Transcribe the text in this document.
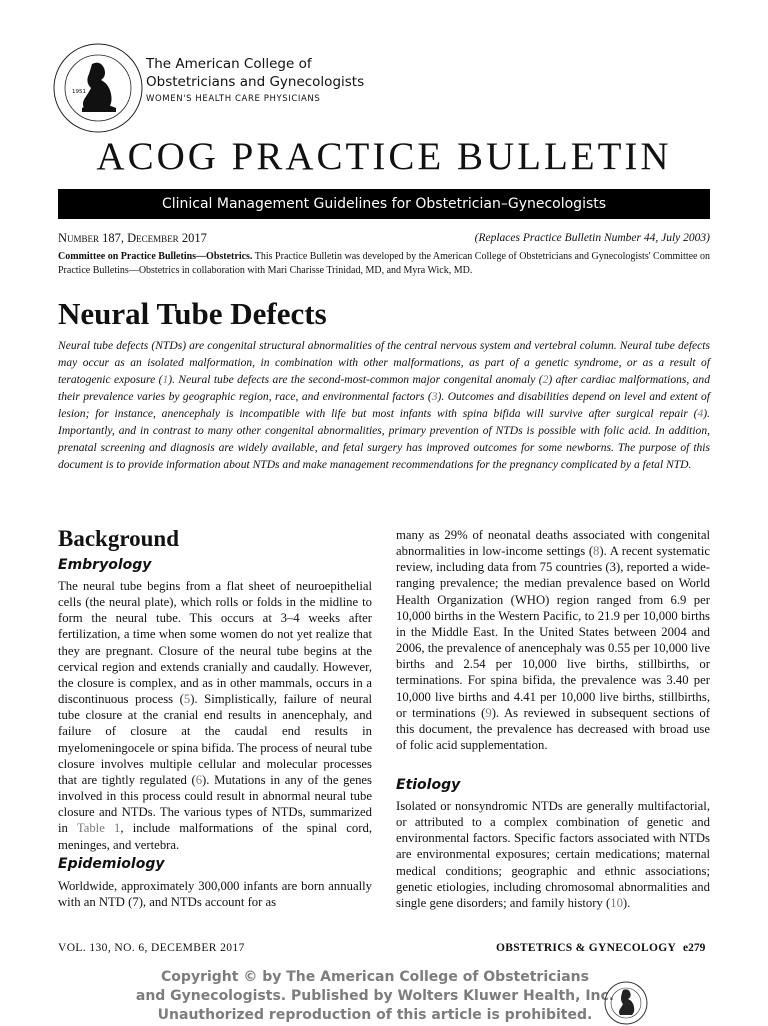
1951
The American College of
Obstetricians and Gynecologists
WOMEN'S HEALTH CARE PHYSICIANS
ACOG PRACTICE BULLETIN
Clinical Management Guidelines for Obstetrician–Gynecologists
Number 187, December 2017	(Replaces Practice Bulletin Number 44, July 2003)
Committee on Practice Bulletins—Obstetrics. This Practice Bulletin was developed by the American College of Obstetricians and Gynecologists' Committee on Practice Bulletins—Obstetrics in collaboration with Mari Charisse Trinidad, MD, and Myra Wick, MD.
Neural Tube Defects
Neural tube defects (NTDs) are congenital structural abnormalities of the central nervous system and vertebral column. Neural tube defects may occur as an isolated malformation, in combination with other malformations, as part of a genetic syndrome, or as a result of teratogenic exposure (1). Neural tube defects are the second-most-common major congenital anomaly (2) after cardiac malformations, and their prevalence varies by geographic region, race, and environmental factors (3). Outcomes and disabilities depend on level and extent of lesion; for instance, anencephaly is incompatible with life but most infants with spina bifida will survive after surgical repair (4). Importantly, and in contrast to many other congenital abnormalities, primary prevention of NTDs is possible with folic acid. In addition, prenatal screening and diagnosis are widely available, and fetal surgery has improved outcomes for some newborns. The purpose of this document is to provide information about NTDs and make management recommendations for the pregnancy complicated by a fetal NTD.
Background
Embryology
The neural tube begins from a flat sheet of neuroepithelial cells (the neural plate), which rolls or folds in the midline to form the neural tube. This occurs at 3–4 weeks after fertilization, a time when some women do not yet realize that they are pregnant. Closure of the neural tube begins at the cervical region and extends cranially and caudally. However, the closure is complex, and as in other mammals, occurs in a discontinuous process (5). Simplistically, failure of neural tube closure at the cranial end results in anencephaly, and failure of closure at the caudal end results in myelomeningocele or spina bifida. The process of neural tube closure involves multiple cellular and molecular processes that are tightly regulated (6). Mutations in any of the genes involved in this process could result in abnormal neural tube closure and NTDs. The various types of NTDs, summarized in Table 1, include malformations of the spinal cord, meninges, and vertebra.
Epidemiology
Worldwide, approximately 300,000 infants are born annually with an NTD (7), and NTDs account for as
many as 29% of neonatal deaths associated with congenital abnormalities in low-income settings (8). A recent systematic review, including data from 75 countries (3), reported a wide-ranging prevalence; the median prevalence based on World Health Organization (WHO) region ranged from 6.9 per 10,000 births in the Western Pacific, to 21.9 per 10,000 births in the Middle East. In the United States between 2004 and 2006, the prevalence of anencephaly was 0.55 per 10,000 live births and 2.54 per 10,000 live births, stillbirths, or terminations. For spina bifida, the prevalence was 3.40 per 10,000 live births and 4.41 per 10,000 live births, stillbirths, or terminations (9). As reviewed in subsequent sections of this document, the prevalence has decreased with broad use of folic acid supplementation.
Etiology
Isolated or nonsyndromic NTDs are generally multifactorial, or attributed to a complex combination of genetic and environmental factors. Specific factors associated with NTDs are environmental exposures; certain medications; maternal medical conditions; geographic and ethnic associations; genetic etiologies, including chromosomal abnormalities and single gene disorders; and family history (10).
VOL. 130, NO. 6, DECEMBER 2017	OBSTETRICS & GYNECOLOGY e279
Copyright © by The American College of Obstetricians
and Gynecologists. Published by Wolters Kluwer Health, Inc.
Unauthorized reproduction of this article is prohibited.
